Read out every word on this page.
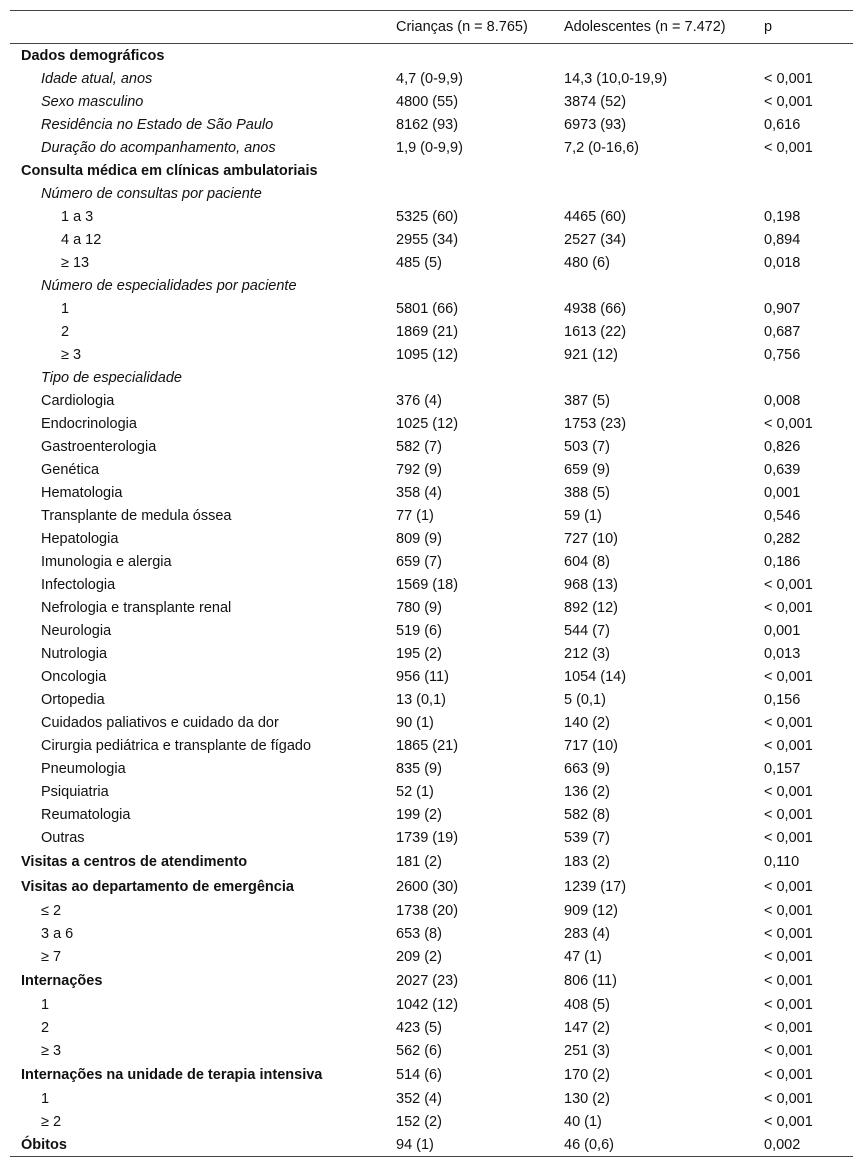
	Crianças (n = 8.765)	Adolescentes (n = 7.472)	p
Dados demográficos			
Idade atual, anos	4,7 (0-9,9)	14,3 (10,0-19,9)	< 0,001
Sexo masculino	4800 (55)	3874 (52)	< 0,001
Residência no Estado de São Paulo	8162 (93)	6973 (93)	0,616
Duração do acompanhamento, anos	1,9 (0-9,9)	7,2 (0-16,6)	< 0,001
Consulta médica em clínicas ambulatoriais			
Número de consultas por paciente			
1 a 3	5325 (60)	4465 (60)	0,198
4 a 12	2955 (34)	2527 (34)	0,894
≥ 13	485 (5)	480 (6)	0,018
Número de especialidades por paciente			
1	5801 (66)	4938 (66)	0,907
2	1869 (21)	1613 (22)	0,687
≥ 3	1095 (12)	921 (12)	0,756
Tipo de especialidade			
Cardiologia	376 (4)	387 (5)	0,008
Endocrinologia	1025 (12)	1753 (23)	< 0,001
Gastroenterologia	582 (7)	503 (7)	0,826
Genética	792 (9)	659 (9)	0,639
Hematologia	358 (4)	388 (5)	0,001
Transplante de medula óssea	77 (1)	59 (1)	0,546
Hepatologia	809 (9)	727 (10)	0,282
Imunologia e alergia	659 (7)	604 (8)	0,186
Infectologia	1569 (18)	968 (13)	< 0,001
Nefrologia e transplante renal	780 (9)	892 (12)	< 0,001
Neurologia	519 (6)	544 (7)	0,001
Nutrologia	195 (2)	212 (3)	0,013
Oncologia	956 (11)	1054 (14)	< 0,001
Ortopedia	13 (0,1)	5 (0,1)	0,156
Cuidados paliativos e cuidado da dor	90 (1)	140 (2)	< 0,001
Cirurgia pediátrica e transplante de fígado	1865 (21)	717 (10)	< 0,001
Pneumologia	835 (9)	663 (9)	0,157
Psiquiatria	52 (1)	136 (2)	< 0,001
Reumatologia	199 (2)	582 (8)	< 0,001
Outras	1739 (19)	539 (7)	< 0,001
Visitas a centros de atendimento	181 (2)	183 (2)	0,110
Visitas ao departamento de emergência	2600 (30)	1239 (17)	< 0,001
≤ 2	1738 (20)	909 (12)	< 0,001
3 a 6	653 (8)	283 (4)	< 0,001
≥ 7	209 (2)	47 (1)	< 0,001
Internações	2027 (23)	806 (11)	< 0,001
1	1042 (12)	408 (5)	< 0,001
2	423 (5)	147 (2)	< 0,001
≥ 3	562 (6)	251 (3)	< 0,001
Internações na unidade de terapia intensiva	514 (6)	170 (2)	< 0,001
1	352 (4)	130 (2)	< 0,001
≥ 2	152 (2)	40 (1)	< 0,001
Óbitos	94 (1)	46 (0,6)	0,002
